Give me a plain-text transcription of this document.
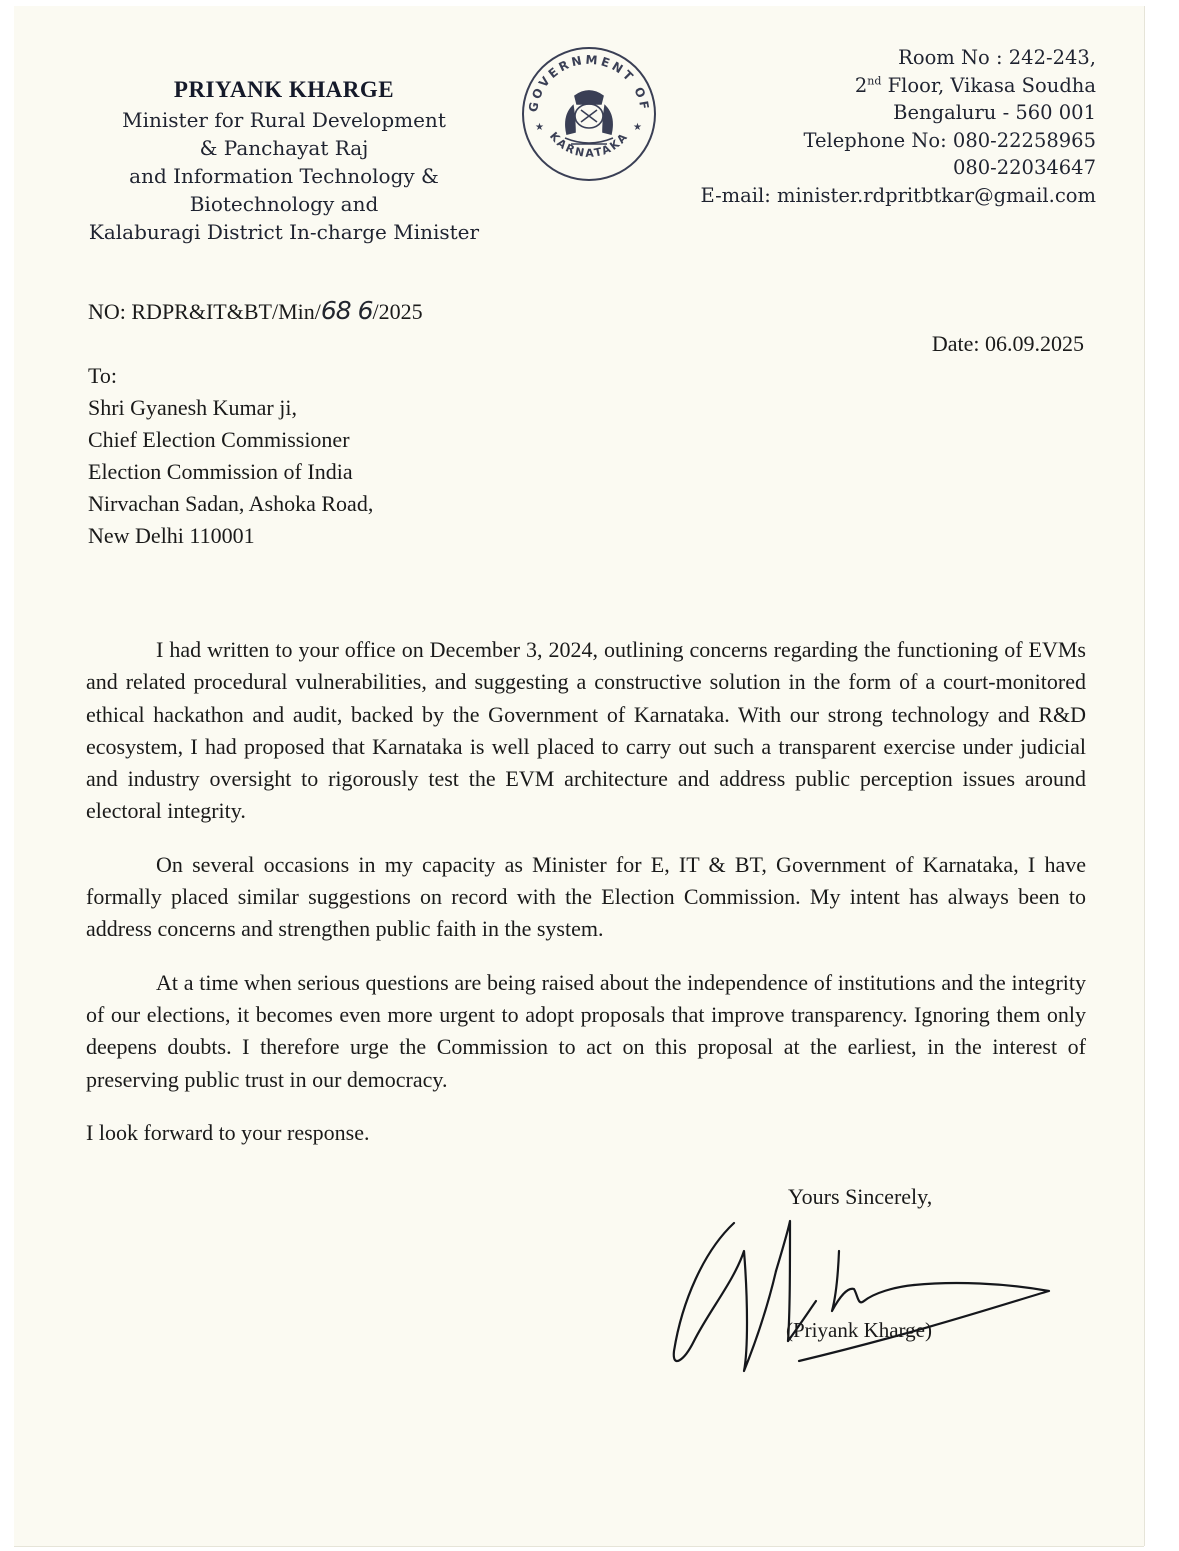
PRIYANK KHARGE
Minister for Rural Development
& Panchayat Raj
and Information Technology &
Biotechnology and
Kalaburagi District In-charge Minister
GOVERNMENT OF
KARNATAKA
★	★
Room No : 242-243,
2nd Floor, Vikasa Soudha
Bengaluru - 560 001
Telephone No: 080-22258965
080-22034647
E-mail: minister.rdpritbtkar@gmail.com
NO: RDPR&IT&BT/Min/68 6/2025
Date: 06.09.2025
To:
Shri Gyanesh Kumar ji,
Chief Election Commissioner
Election Commission of India
Nirvachan Sadan, Ashoka Road,
New Delhi 110001

I had written to your office on December 3, 2024, outlining concerns regarding the functioning of EVMs and related procedural vulnerabilities, and suggesting a constructive solution in the form of a court-monitored ethical hackathon and audit, backed by the Government of Karnataka. With our strong technology and R&D ecosystem, I had proposed that Karnataka is well placed to carry out such a transparent exercise under judicial and industry oversight to rigorously test the EVM architecture and address public perception issues around electoral integrity.

On several occasions in my capacity as Minister for E, IT & BT, Government of Karnataka, I have formally placed similar suggestions on record with the Election Commission. My intent has always been to address concerns and strengthen public faith in the system.

At a time when serious questions are being raised about the independence of institutions and the integrity of our elections, it becomes even more urgent to adopt proposals that improve transparency. Ignoring them only deepens doubts. I therefore urge the Commission to act on this proposal at the earliest, in the interest of preserving public trust in our democracy.

I look forward to your response.

Yours Sincerely,
(Priyank Kharge)
